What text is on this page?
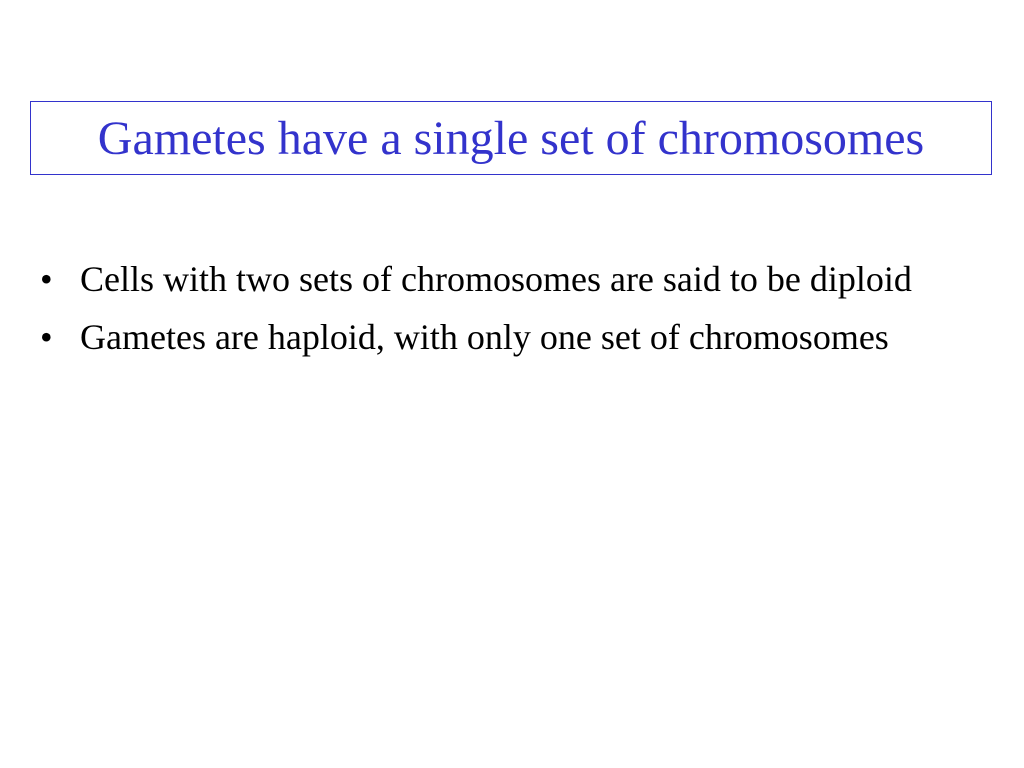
Gametes have a single set of chromosomes
• Cells with two sets of chromosomes are said to be diploid
• Gametes are haploid, with only one set of chromosomes
